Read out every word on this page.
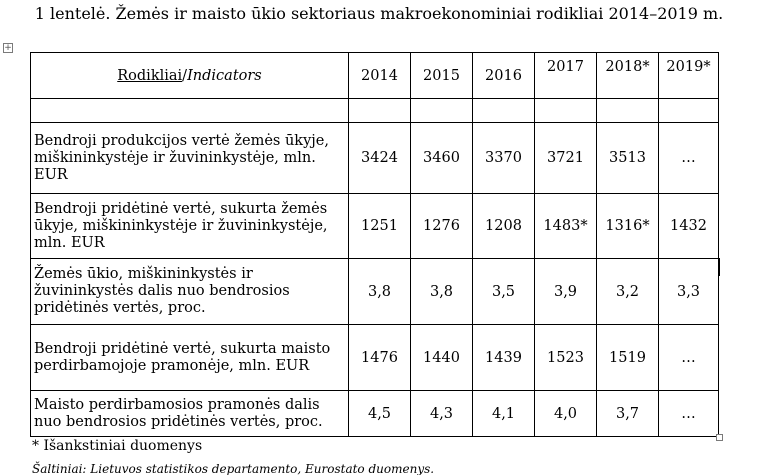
1 lentelė. Žemės ir maisto ūkio sektoriaus makroekonominiai rodikliai 2014–2019 m.
+
Rodikliai/Indicators	2014	2015	2016	2017	2018*	2019*

Bendroji produkcijos vertė žemės ūkyje, miškininkystėje ir žuvininkystėje, mln. EUR	3424	3460	3370	3721	3513	…
Bendroji pridėtinė vertė, sukurta žemės ūkyje, miškininkystėje ir žuvininkystėje, mln. EUR	1251	1276	1208	1483*	1316*	1432
Žemės ūkio, miškininkystės ir žuvininkystės dalis nuo bendrosios pridėtinės vertės, proc.	3,8	3,8	3,5	3,9	3,2	3,3
Bendroji pridėtinė vertė, sukurta maisto perdirbamojoje pramonėje, mln. EUR	1476	1440	1439	1523	1519	…
Maisto perdirbamosios pramonės dalis nuo bendrosios pridėtinės vertės, proc.	4,5	4,3	4,1	4,0	3,7	…
* Išankstiniai duomenys
Šaltiniai: Lietuvos statistikos departamento, Eurostato duomenys.
